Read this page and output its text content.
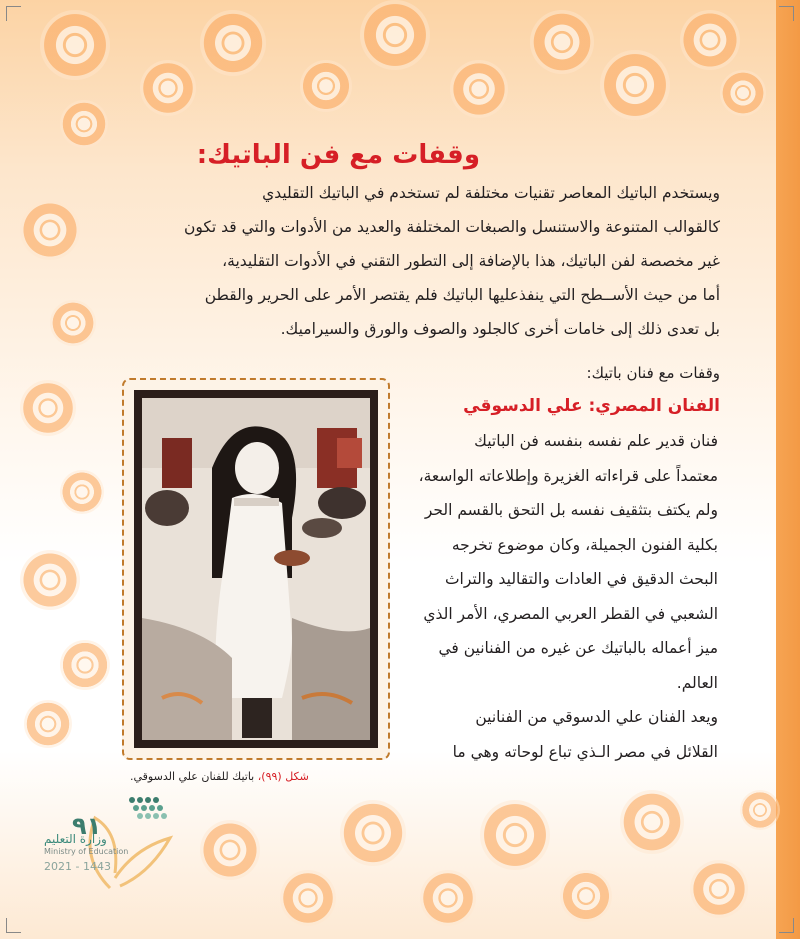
وقفات مع فن الباتيك:

ويستخدم الباتيك المعاصر تقنيات مختلفة لم تستخدم في الباتيك التقليدي

كالقوالب المتنوعة والاستنسل والصبغات المختلفة والعديد من الأدوات والتي قد تكون

غير مخصصة لفن الباتيك، هذا بالإضافة إلى التطور التقني في الأدوات التقليدية،

أما من حيث الأســطح التي ينفذعليها الباتيك فلم يقتصر الأمر على الحرير والقطن

بل تعدى ذلك إلى خامات أخرى كالجلود والصوف والورق والسيراميك.

وقفات مع فنان باتيك:
الفنان المصري: علي الدسوقي

فنان قدير علم نفسه بنفسه فن الباتيك

معتمداً على قراءاته الغزيرة وإطلاعاته الواسعة،

ولم يكتف بتثقيف نفسه بل التحق بالقسم الحر

بكلية الفنون الجميلة، وكان موضوع تخرجه

البحث الدقيق في العادات والتقاليد والتراث

الشعبي في القطر العربي المصري، الأمر الذي

ميز أعماله بالباتيك عن غيره من الفنانين في

العالم.

ويعد الفنان علي الدسوقي من الفنانين

القلائل في مصر الـذي تباع لوحاته وهي ما

شكل (٩٩)، باتيك للفنان علي الدسوقي.
٩١
وزارة التعليم
Ministry of Education
2021 - 1443
